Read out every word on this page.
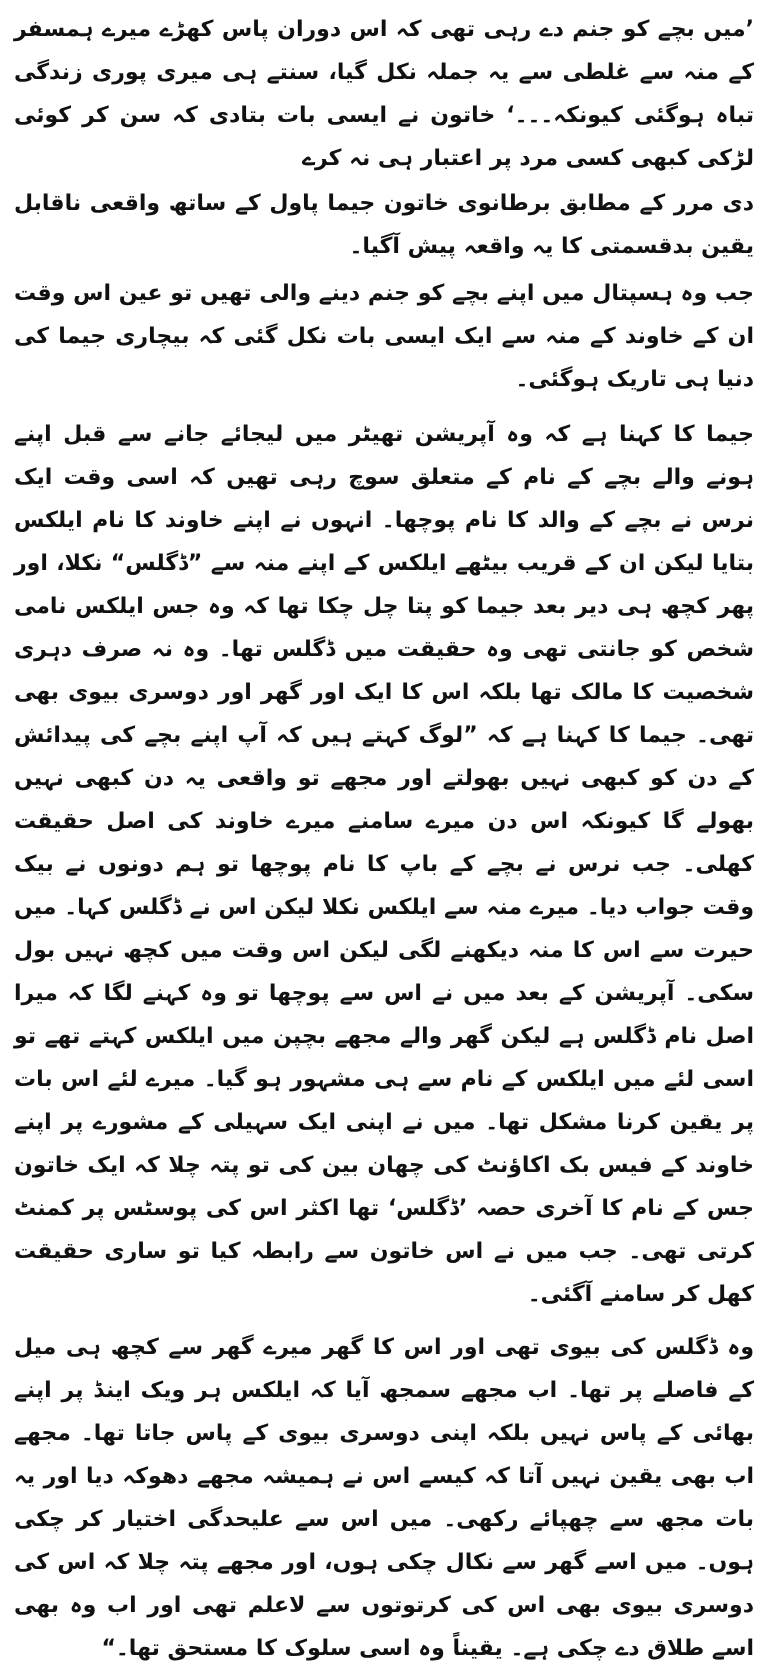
’میں بچے کو جنم دے رہی تھی کہ اس دوران پاس کھڑے میرے ہمسفر کے منہ سے غلطی سے یہ جملہ نکل گیا، سنتے ہی میری پوری زندگی تباہ ہوگئی کیونکہ۔۔۔‘ خاتون نے ایسی بات بتادی کہ سن کر کوئی لڑکی کبھی کسی مرد پر اعتبار ہی نہ کرے

دی مرر کے مطابق برطانوی خاتون جیما پاول کے ساتھ واقعی ناقابل یقین بدقسمتی کا یہ واقعہ پیش آگیا۔

جب وہ ہسپتال میں اپنے بچے کو جنم دینے والی تھیں تو عین اس وقت ان کے خاوند کے منہ سے ایک ایسی بات نکل گئی کہ بیچاری جیما کی دنیا ہی تاریک ہوگئی۔

جیما کا کہنا ہے کہ وہ آپریشن تھیٹر میں لیجائے جانے سے قبل اپنے ہونے والے بچے کے نام کے متعلق سوچ رہی تھیں کہ اسی وقت ایک نرس نے بچے کے والد کا نام پوچھا۔ انہوں نے اپنے خاوند کا نام ایلکس بتایا لیکن ان کے قریب بیٹھے ایلکس کے اپنے منہ سے ”ڈگلس“ نکلا، اور پھر کچھ ہی دیر بعد جیما کو پتا چل چکا تھا کہ وہ جس ایلکس نامی شخص کو جانتی تھی وہ حقیقت میں ڈگلس تھا۔ وہ نہ صرف دہری شخصیت کا مالک تھا بلکہ اس کا ایک اور گھر اور دوسری بیوی بھی تھی۔ جیما کا کہنا ہے کہ ”لوگ کہتے ہیں کہ آپ اپنے بچے کی پیدائش کے دن کو کبھی نہیں بھولتے اور مجھے تو واقعی یہ دن کبھی نہیں بھولے گا کیونکہ اس دن میرے سامنے میرے خاوند کی اصل حقیقت کھلی۔ جب نرس نے بچے کے باپ کا نام پوچھا تو ہم دونوں نے بیک وقت جواب دیا۔ میرے منہ سے ایلکس نکلا لیکن اس نے ڈگلس کہا۔ میں حیرت سے اس کا منہ دیکھنے لگی لیکن اس وقت میں کچھ نہیں بول سکی۔ آپریشن کے بعد میں نے اس سے پوچھا تو وہ کہنے لگا کہ میرا اصل نام ڈگلس ہے لیکن گھر والے مجھے بچپن میں ایلکس کہتے تھے تو اسی لئے میں ایلکس کے نام سے ہی مشہور ہو گیا۔ میرے لئے اس بات پر یقین کرنا مشکل تھا۔ میں نے اپنی ایک سہیلی کے مشورے پر اپنے خاوند کے فیس بک اکاؤنٹ کی چھان بین کی تو پتہ چلا کہ ایک خاتون جس کے نام کا آخری حصہ ’ڈگلس‘ تھا اکثر اس کی پوسٹس پر کمنٹ کرتی تھی۔ جب میں نے اس خاتون سے رابطہ کیا تو ساری حقیقت کھل کر سامنے آگئی۔

وہ ڈگلس کی بیوی تھی اور اس کا گھر میرے گھر سے کچھ ہی میل کے فاصلے پر تھا۔ اب مجھے سمجھ آیا کہ ایلکس ہر ویک اینڈ پر اپنے بھائی کے پاس نہیں بلکہ اپنی دوسری بیوی کے پاس جاتا تھا۔ مجھے اب بھی یقین نہیں آتا کہ کیسے اس نے ہمیشہ مجھے دھوکہ دیا اور یہ بات مجھ سے چھپائے رکھی۔ میں اس سے علیحدگی اختیار کر چکی ہوں۔ میں اسے گھر سے نکال چکی ہوں، اور مجھے پتہ چلا کہ اس کی دوسری بیوی بھی اس کی کرتوتوں سے لاعلم تھی اور اب وہ بھی اسے طلاق دے چکی ہے۔ یقیناً وہ اسی سلوک کا مستحق تھا۔“
